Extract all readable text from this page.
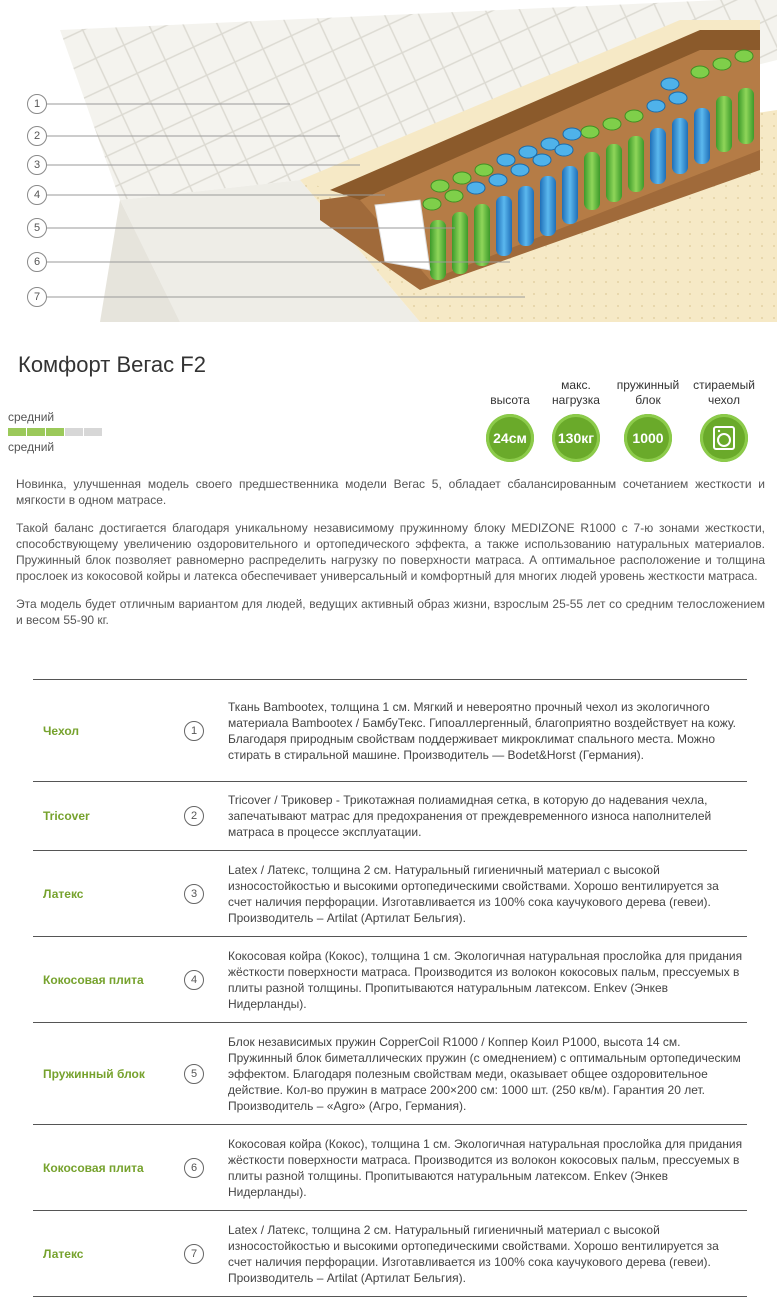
1
2
3
4
5
6
7
Комфорт Вегас F2
средний
средний
высота
24см
макс. нагрузка
130кг
пружинный блок
1000
стираемый чехол

Новинка, улучшенная модель своего предшественника модели Вегас 5, обладает сбалансированным сочетанием жесткости и мягкости в одном матрасе.

Такой баланс достигается благодаря уникальному независимому пружинному блоку MEDIZONE R1000 с 7-ю зонами жесткости, способствующему увеличению оздоровительного и ортопедического эффекта, а также использованию натуральных материалов. Пружинный блок позволяет равномерно распределить нагрузку по поверхности матраса. А оптимальное расположение и толщина прослоек из кокосовой койры и латекса обеспечивает универсальный и комфортный для многих людей уровень жесткости матраса.

Эта модель будет отличным вариантом для людей, ведущих активный образ жизни, взрослым 25-55 лет со средним телосложением и весом 55-90 кг.

Чехол	1
Ткань Bambootex, толщина 1 см. Мягкий и невероятно прочный чехол из экологичного материала Bambootex / БамбуТекс. Гипоаллергенный, благоприятно воздействует на кожу. Благодаря природным свойствам поддерживает микроклимат спального места. Можно стирать в стиральной машине. Производитель — Bodet&Horst (Германия).
Tricover	2
Tricover / Триковер - Трикотажная полиамидная сетка, в которую до надевания чехла, запечатывают матрас для предохранения от преждевременного износа наполнителей матраса в процессе эксплуатации.
Латекс	3
Latex / Латекс, толщина 2 см. Натуральный гигиеничный материал с высокой износостойкостью и высокими ортопедическими свойствами. Хорошо вентилируется за счет наличия перфорации. Изготавливается из 100% сока каучукового дерева (гевеи). Производитель – Artilat (Артилат Бельгия).
Кокосовая плита	4
Кокосовая койра (Кокос), толщина 1 см. Экологичная натуральная прослойка для придания жёсткости поверхности матраса. Производится из волокон кокосовых пальм, прессуемых в плиты разной толщины. Пропитываются натуральным латексом. Enkev (Энкев Нидерланды).
Пружинный блок	5
Блок независимых пружин CopperCoil R1000 / Коппер Коил Р1000, высота 14 см. Пружинный блок биметаллических пружин (с омеднением) с оптимальным ортопедическим эффектом. Благодаря полезным свойствам меди, оказывает общее оздоровительное действие. Кол-во пружин в матрасе 200×200 см: 1000 шт. (250 кв/м). Гарантия 20 лет. Производитель – «Agro» (Агро, Германия).
Кокосовая плита	6
Кокосовая койра (Кокос), толщина 1 см. Экологичная натуральная прослойка для придания жёсткости поверхности матраса. Производится из волокон кокосовых пальм, прессуемых в плиты разной толщины. Пропитываются натуральным латексом. Enkev (Энкев Нидерланды).
Латекс	7
Latex / Латекс, толщина 2 см. Натуральный гигиеничный материал с высокой износостойкостью и высокими ортопедическими свойствами. Хорошо вентилируется за счет наличия перфорации. Изготавливается из 100% сока каучукового дерева (гевеи). Производитель – Artilat (Артилат Бельгия).
